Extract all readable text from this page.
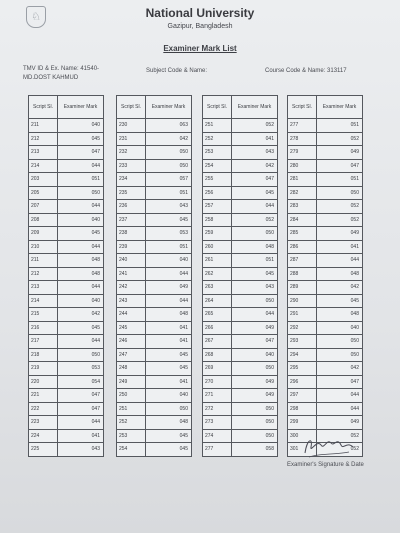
♘	National University
Gazipur, Bangladesh
Examiner Mark List
TMV ID & Ex. Name: 41540-
MD.DOST KAHMUD
Subject Code & Name:	Course Code & Name: 313117
Script Sl.	Examiner Mark
211	040
212	045
213	047
214	044
203	051
205	050
207	044
208	040
209	045
210	044
211	048
212	048
213	044
214	040
215	042
216	045
217	044
218	050
219	053
220	054
221	047
222	047
223	044
224	041
225	043
Script Sl.	Examiner Mark
230	063
231	042
232	050
233	050
234	057
235	051
236	043
237	045
238	053
239	051
240	040
241	044
242	049
243	044
244	048
245	041
246	041
247	045
248	045
249	041
250	040
251	050
252	048
253	045
254	045
Script Sl.	Examiner Mark
251	052
252	041
253	043
254	042
255	047
256	045
257	044
258	052
259	050
260	048
261	051
262	045
263	043
264	050
265	044
266	049
267	047
268	040
269	050
270	049
271	049
272	050
273	050
274	050
277	058
Script Sl.	Examiner Mark
277	051
278	052
279	049
280	047
281	051
282	050
283	052
284	052
285	049
286	041
287	044
288	048
289	042
290	045
291	048
292	040
293	050
294	050
295	042
296	047
297	044
298	044
299	049
300	052
301	052
Examiner's Signature & Date
